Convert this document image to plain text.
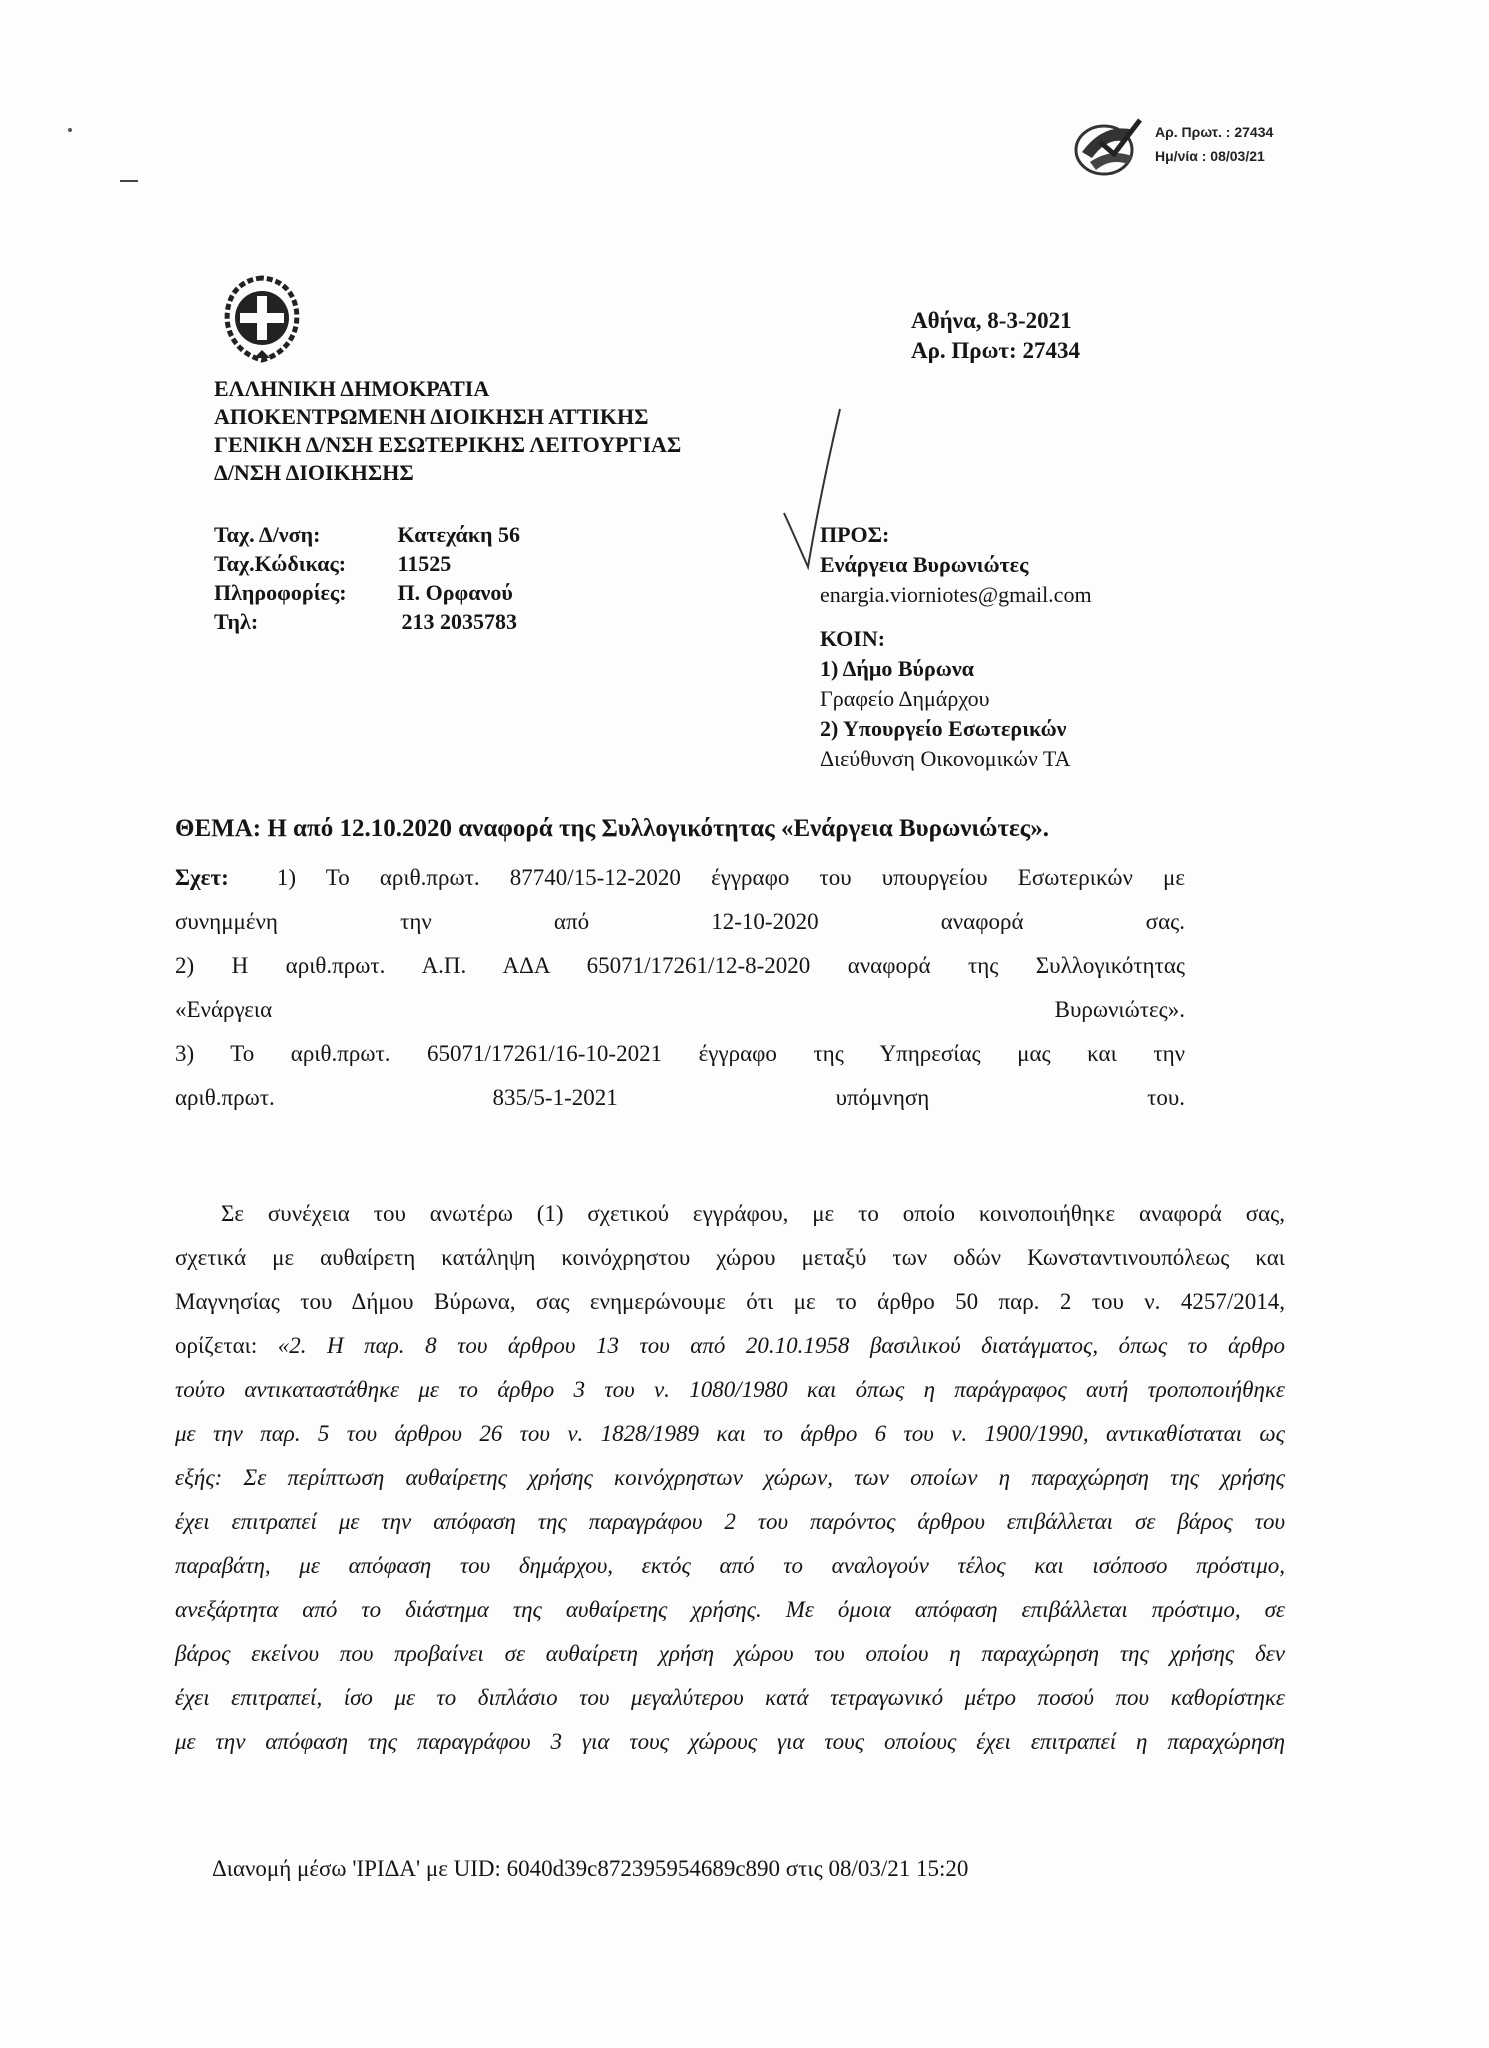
Αρ. Πρωτ. : 27434
Ημ/νία : 08/03/21
ΕΛΛΗΝΙΚΗ ΔΗΜΟΚΡΑΤΙΑ
ΑΠΟΚΕΝΤΡΩΜΕΝΗ ΔΙΟΙΚΗΣΗ ΑΤΤΙΚΗΣ
ΓΕΝΙΚΗ Δ/ΝΣΗ ΕΣΩΤΕΡΙΚΗΣ ΛΕΙΤΟΥΡΓΙΑΣ
Δ/ΝΣΗ ΔΙΟΙΚΗΣΗΣ
Αθήνα, 8-3-2021
Αρ. Πρωτ: 27434
Ταχ. Δ/νση:	Κατεχάκη 56
Ταχ.Κώδικας: 11525
Πληροφορίες: Π. Ορφανού
Τηλ:	213 2035783
ΠΡΟΣ:
Ενάργεια Βυρωνιώτες
enargia.viorniotes@gmail.com
ΚΟΙΝ:
1) Δήμο Βύρωνα
Γραφείο Δημάρχου
2) Υπουργείο Εσωτερικών
Διεύθυνση Οικονομικών ΤΑ
ΘΕΜΑ: Η από 12.10.2020 αναφορά της Συλλογικότητας «Ενάργεια Βυρωνιώτες».
Σχετ: 1) Το αριθ.πρωτ. 87740/15-12-2020 έγγραφο του υπουργείου Εσωτερικών με
συνημμένη την από 12-10-2020 αναφορά σας.
2) Η αριθ.πρωτ. Α.Π. ΑΔΑ 65071/17261/12-8-2020 αναφορά της Συλλογικότητας
«Ενάργεια Βυρωνιώτες».
3) Το αριθ.πρωτ. 65071/17261/16-10-2021 έγγραφο της Υπηρεσίας μας και την
αριθ.πρωτ. 835/5-1-2021 υπόμνηση του.
Σε συνέχεια του ανωτέρω (1) σχετικού εγγράφου, με το οποίο κοινοποιήθηκε αναφορά σας,
σχετικά με αυθαίρετη κατάληψη κοινόχρηστου χώρου μεταξύ των οδών Κωνσταντινουπόλεως και
Μαγνησίας του Δήμου Βύρωνα, σας ενημερώνουμε ότι με το άρθρο 50 παρ. 2 του ν. 4257/2014,
ορίζεται: «2. Η παρ. 8 του άρθρου 13 του από 20.10.1958 βασιλικού διατάγματος, όπως το άρθρο
τούτο αντικαταστάθηκε με το άρθρο 3 του ν. 1080/1980 και όπως η παράγραφος αυτή τροποποιήθηκε
με την παρ. 5 του άρθρου 26 του ν. 1828/1989 και το άρθρο 6 του ν. 1900/1990, αντικαθίσταται ως
εξής: Σε περίπτωση αυθαίρετης χρήσης κοινόχρηστων χώρων, των οποίων η παραχώρηση της χρήσης
έχει επιτραπεί με την απόφαση της παραγράφου 2 του παρόντος άρθρου επιβάλλεται σε βάρος του
παραβάτη, με απόφαση του δημάρχου, εκτός από το αναλογούν τέλος και ισόποσο πρόστιμο,
ανεξάρτητα από το διάστημα της αυθαίρετης χρήσης. Με όμοια απόφαση επιβάλλεται πρόστιμο, σε
βάρος εκείνου που προβαίνει σε αυθαίρετη χρήση χώρου του οποίου η παραχώρηση της χρήσης δεν
έχει επιτραπεί, ίσο με το διπλάσιο του μεγαλύτερου κατά τετραγωνικό μέτρο ποσού που καθορίστηκε
με την απόφαση της παραγράφου 3 για τους χώρους για τους οποίους έχει επιτραπεί η παραχώρηση
Διανομή μέσω 'ΙΡΙΔΑ' με UID: 6040d39c872395954689c890 στις 08/03/21 15:20
